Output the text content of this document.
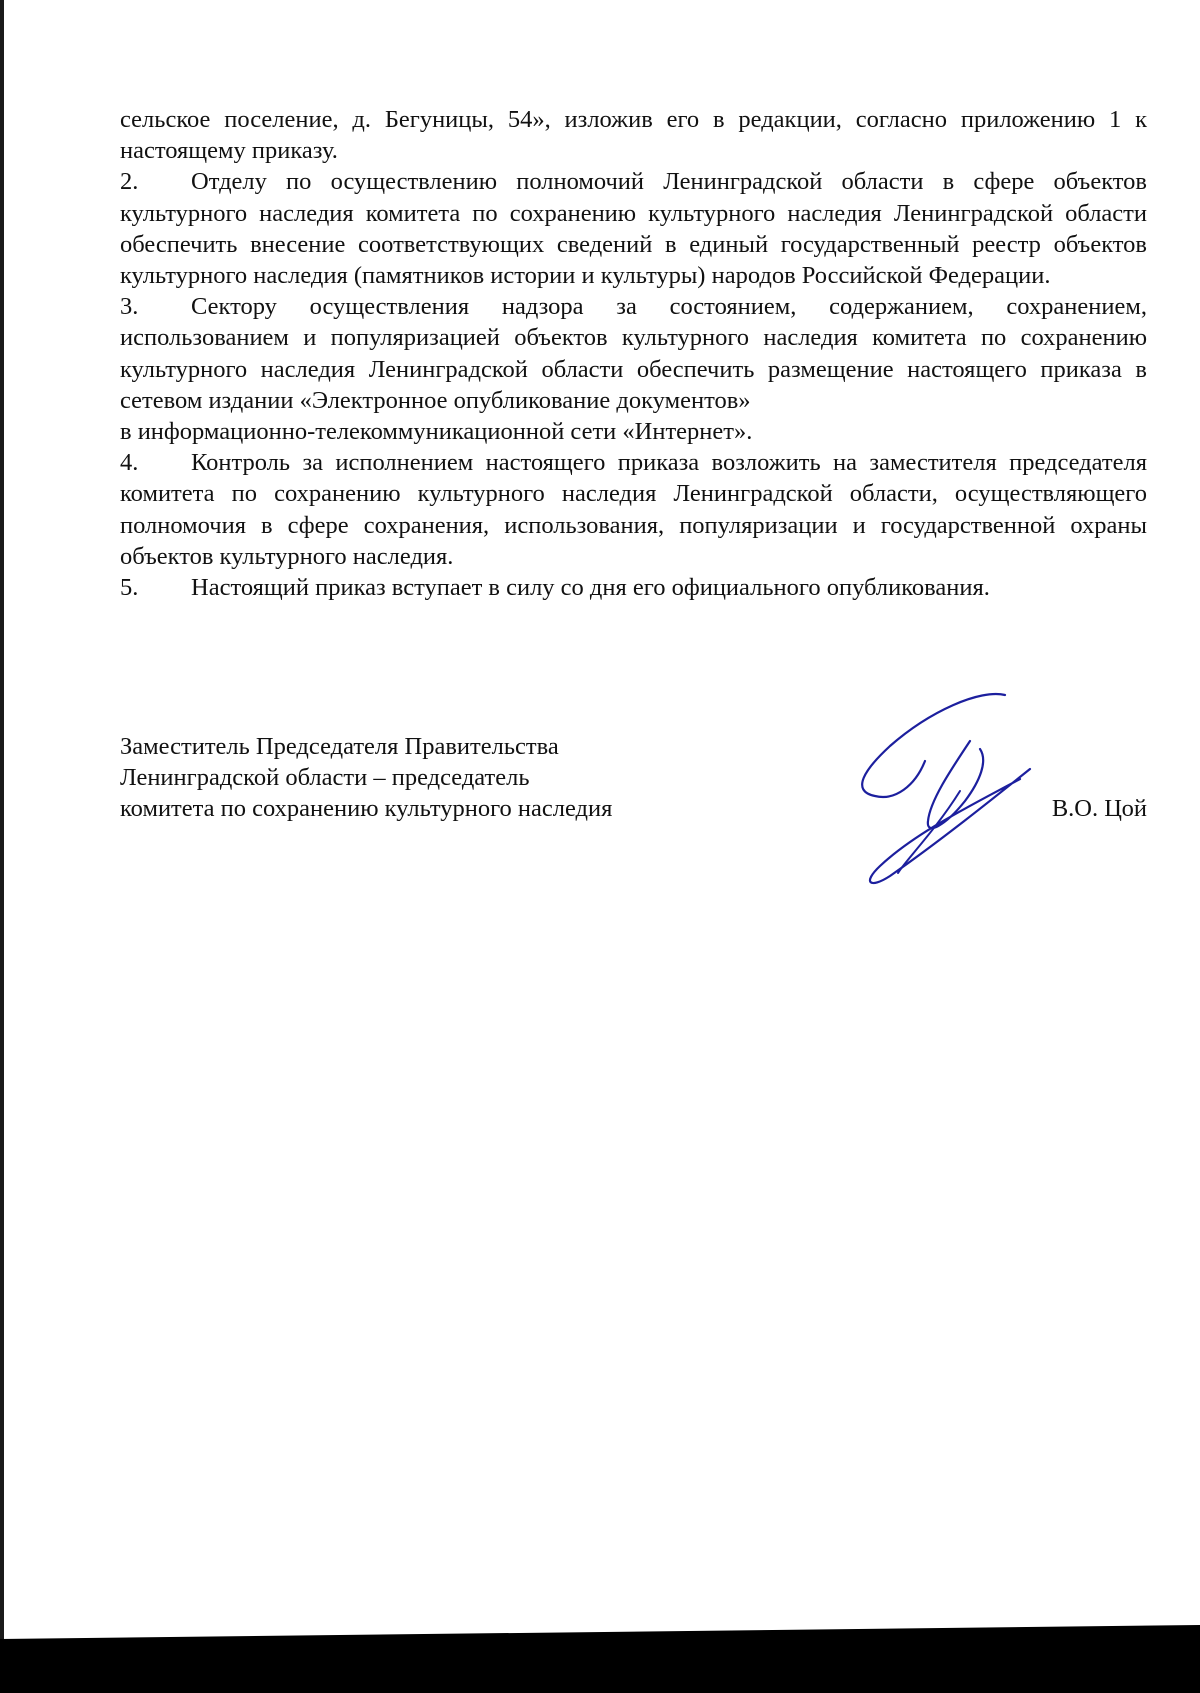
сельское поселение, д. Бегуницы, 54», изложив его в редакции, согласно приложению 1 к настоящему приказу.

2. Отделу по осуществлению полномочий Ленинградской области в сфере объектов культурного наследия комитета по сохранению культурного наследия Ленинградской области обеспечить внесение соответствующих сведений в единый государственный реестр объектов культурного наследия (памятников истории и культуры) народов Российской Федерации.

3. Сектору осуществления надзора за состоянием, содержанием, сохранением, использованием и популяризацией объектов культурного наследия комитета по сохранению культурного наследия Ленинградской области обеспечить размещение настоящего приказа в сетевом издании «Электронное опубликование документов»

в информационно-телекоммуникационной сети «Интернет».

4. Контроль за исполнением настоящего приказа возложить на заместителя председателя комитета по сохранению культурного наследия Ленинградской области, осуществляющего полномочия в сфере сохранения, использования, популяризации и государственной охраны объектов культурного наследия.

5. Настоящий приказ вступает в силу со дня его официального опубликования.

Заместитель Председателя Правительства
Ленинградской области – председатель
комитета по сохранению культурного наследия	В.О. Цой
